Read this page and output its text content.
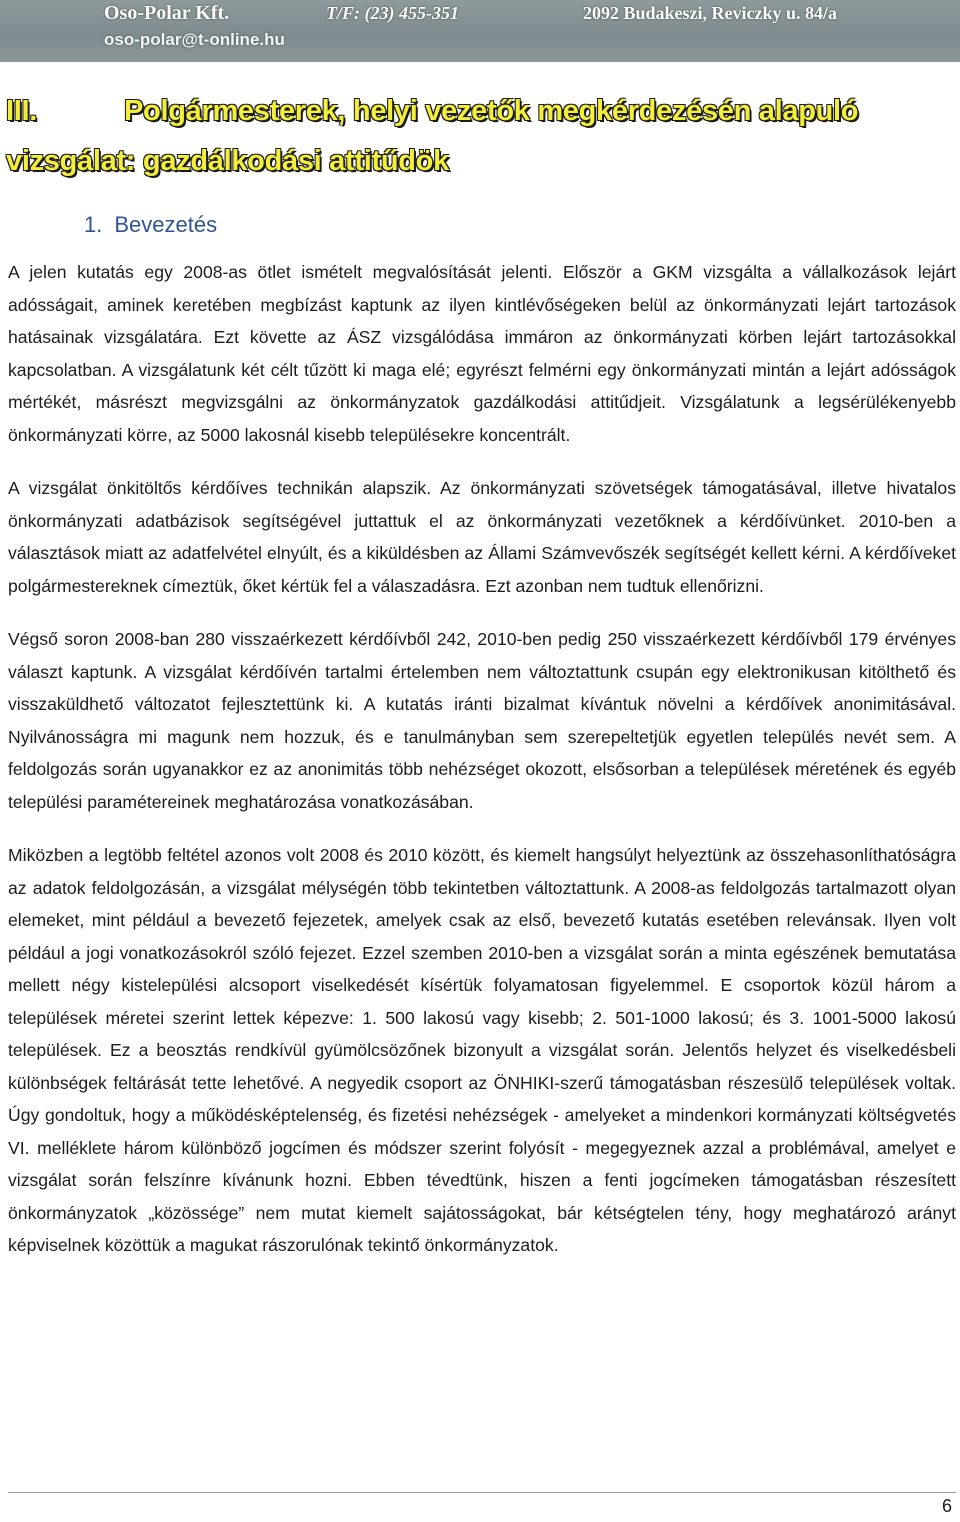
Oso-Polar Kft.	T/F: (23) 455-351	2092 Budakeszi, Reviczky u. 84/a
oso-polar@t-online.hu
III.	Polgármesterek, helyi vezetők megkérdezésén alapuló vizsgálat: gazdálkodási attitűdök
1. Bevezetés

A jelen kutatás egy 2008-as ötlet ismételt megvalósítását jelenti. Először a GKM vizsgálta a vállalkozások lejárt adósságait, aminek keretében megbízást kaptunk az ilyen kintlévőségeken belül az önkormányzati lejárt tartozások hatásainak vizsgálatára. Ezt követte az ÁSZ vizsgálódása immáron az önkormányzati körben lejárt tartozásokkal kapcsolatban. A vizsgálatunk két célt tűzött ki maga elé; egyrészt felmérni egy önkormányzati mintán a lejárt adósságok mértékét, másrészt megvizsgálni az önkormányzatok gazdálkodási attitűdjeit. Vizsgálatunk a legsérülékenyebb önkormányzati körre, az 5000 lakosnál kisebb településekre koncentrált.

A vizsgálat önkitöltős kérdőíves technikán alapszik. Az önkormányzati szövetségek támogatásával, illetve hivatalos önkormányzati adatbázisok segítségével juttattuk el az önkormányzati vezetőknek a kérdőívünket. 2010-ben a választások miatt az adatfelvétel elnyúlt, és a kiküldésben az Állami Számvevőszék segítségét kellett kérni. A kérdőíveket polgármestereknek címeztük, őket kértük fel a válaszadásra. Ezt azonban nem tudtuk ellenőrizni.

Végső soron 2008-ban 280 visszaérkezett kérdőívből 242, 2010-ben pedig 250 visszaérkezett kérdőívből 179 érvényes választ kaptunk. A vizsgálat kérdőívén tartalmi értelemben nem változtattunk csupán egy elektronikusan kitölthető és visszaküldhető változatot fejlesztettünk ki. A kutatás iránti bizalmat kívántuk növelni a kérdőívek anonimitásával. Nyilvánosságra mi magunk nem hozzuk, és e tanulmányban sem szerepeltetjük egyetlen település nevét sem. A feldolgozás során ugyanakkor ez az anonimitás több nehézséget okozott, elsősorban a települések méretének és egyéb települési paramétereinek meghatározása vonatkozásában.

Miközben a legtöbb feltétel azonos volt 2008 és 2010 között, és kiemelt hangsúlyt helyeztünk az összehasonlíthatóságra az adatok feldolgozásán, a vizsgálat mélységén több tekintetben változtattunk. A 2008-as feldolgozás tartalmazott olyan elemeket, mint például a bevezető fejezetek, amelyek csak az első, bevezető kutatás esetében relevánsak. Ilyen volt például a jogi vonatkozásokról szóló fejezet. Ezzel szemben 2010-ben a vizsgálat során a minta egészének bemutatása mellett négy kistelepülési alcsoport viselkedését kísértük folyamatosan figyelemmel. E csoportok közül három a települések méretei szerint lettek képezve: 1. 500 lakosú vagy kisebb; 2. 501-1000 lakosú; és 3. 1001-5000 lakosú települések. Ez a beosztás rendkívül gyümölcsözőnek bizonyult a vizsgálat során. Jelentős helyzet és viselkedésbeli különbségek feltárását tette lehetővé. A negyedik csoport az ÖNHIKI-szerű támogatásban részesülő települések voltak. Úgy gondoltuk, hogy a működésképtelenség, és fizetési nehézségek - amelyeket a mindenkori kormányzati költségvetés VI. melléklete három különböző jogcímen és módszer szerint folyósít - megegyeznek azzal a problémával, amelyet e vizsgálat során felszínre kívánunk hozni. Ebben tévedtünk, hiszen a fenti jogcímeken támogatásban részesített önkormányzatok „közössége” nem mutat kiemelt sajátosságokat, bár kétségtelen tény, hogy meghatározó arányt képviselnek közöttük a magukat rászorulónak tekintő önkormányzatok.

6
